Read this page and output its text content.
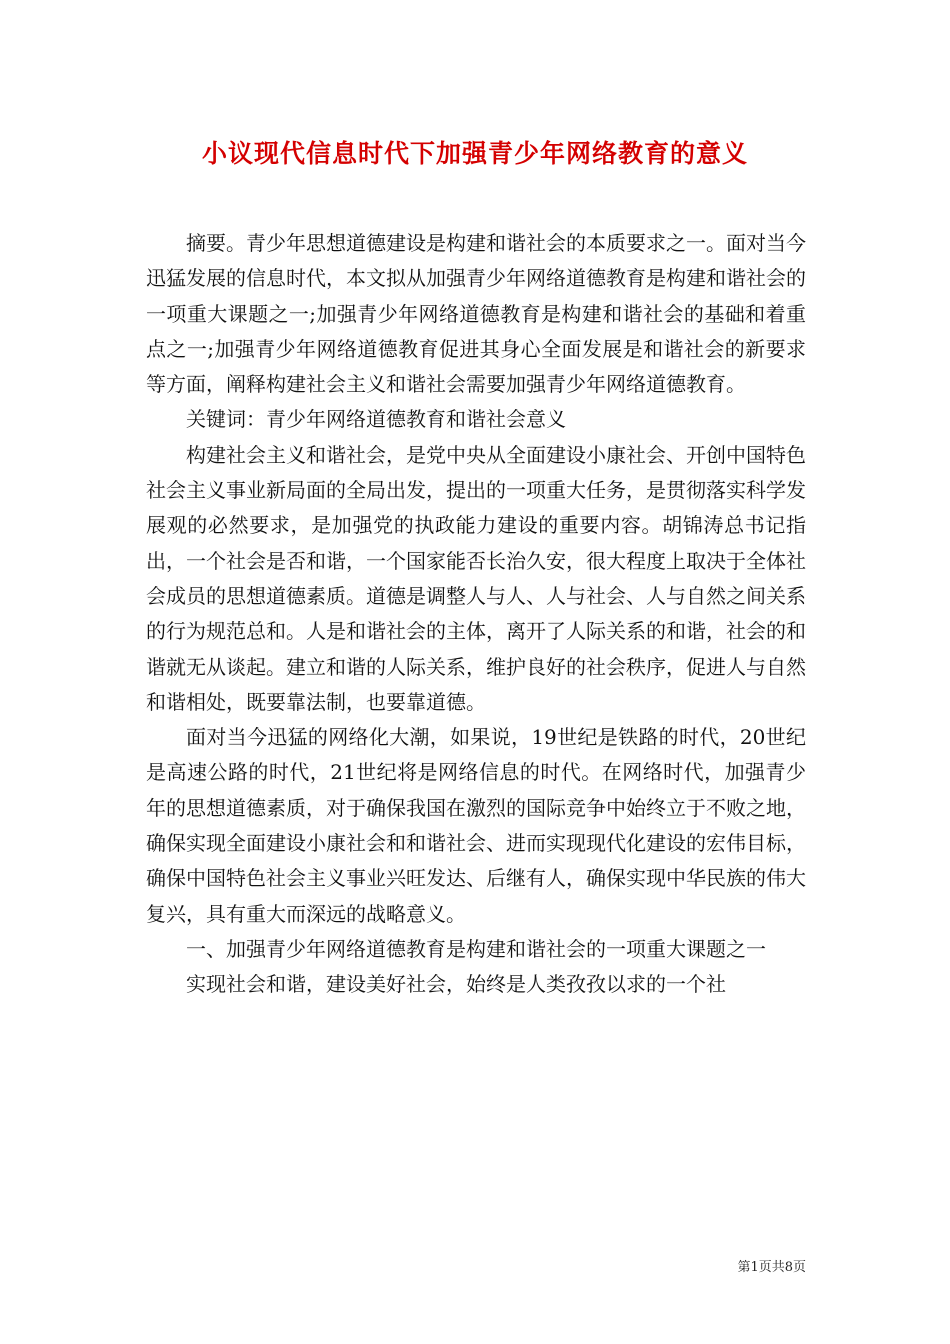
小议现代信息时代下加强青少年网络教育的意义

摘要。青少年思想道德建设是构建和谐社会的本质要求之一。面对当今迅猛发展的信息时代，本文拟从加强青少年网络道德教育是构建和谐社会的一项重大课题之一;加强青少年网络道德教育是构建和谐社会的基础和着重点之一;加强青少年网络道德教育促进其身心全面发展是和谐社会的新要求等方面，阐释构建社会主义和谐社会需要加强青少年网络道德教育。

关键词：青少年网络道德教育和谐社会意义

构建社会主义和谐社会，是党中央从全面建设小康社会、开创中国特色社会主义事业新局面的全局出发，提出的一项重大任务，是贯彻落实科学发展观的必然要求，是加强党的执政能力建设的重要内容。胡锦涛总书记指出，一个社会是否和谐，一个国家能否长治久安，很大程度上取决于全体社会成员的思想道德素质。道德是调整人与人、人与社会、人与自然之间关系的行为规范总和。人是和谐社会的主体，离开了人际关系的和谐，社会的和谐就无从谈起。建立和谐的人际关系，维护良好的社会秩序，促进人与自然和谐相处，既要靠法制，也要靠道德。

面对当今迅猛的网络化大潮，如果说，19世纪是铁路的时代，20世纪是高速公路的时代，21世纪将是网络信息的时代。在网络时代，加强青少年的思想道德素质，对于确保我国在激烈的国际竞争中始终立于不败之地，确保实现全面建设小康社会和和谐社会、进而实现现代化建设的宏伟目标，确保中国特色社会主义事业兴旺发达、后继有人，确保实现中华民族的伟大复兴，具有重大而深远的战略意义。

一、加强青少年网络道德教育是构建和谐社会的一项重大课题之一

实现社会和谐，建设美好社会，始终是人类孜孜以求的一个社

第1页共8页
